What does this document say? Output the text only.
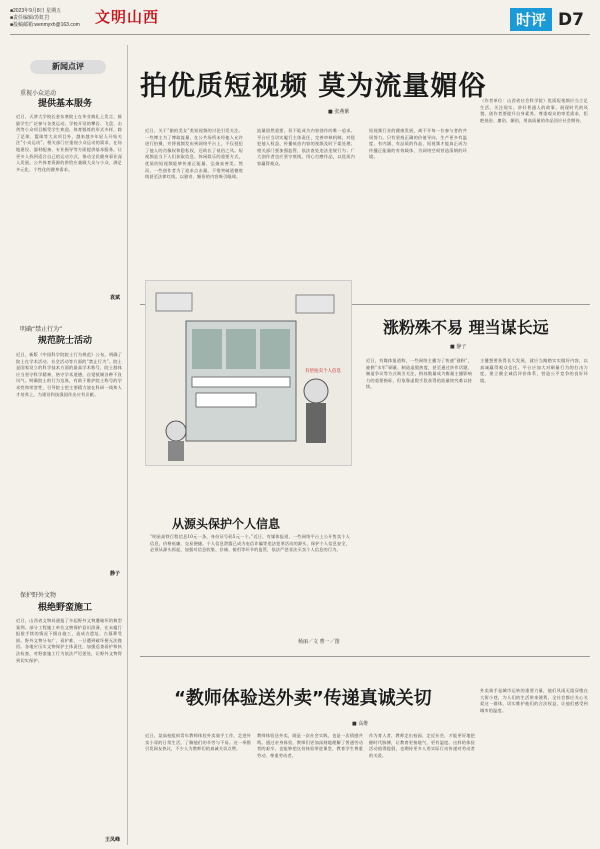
■2023年9月8日 星期五
■责任编辑/苏虹岩
■投稿邮箱:wenmyxh@163.com	文明山西	时评 D7
新闻点评
重视小众运动
提供基本服务
近日，天津大学校长金东寒院士在毕业典礼上发言，鼓励学生广泛参与各类运动。学校开设的攀岩、飞盘、击剑等小众项目颇受学生欢迎。体育锻炼的形式多样，除了足球、篮球等大众项目外，越来越多年轻人开始关注“小众运动”。相关部门应重视小众运动的需求，在场地建设、器材配备、专业指导等方面提供基本服务，让更多人找到适合自己的运动方式，推动全民健身事业深入发展。公共体育资源的供给应兼顾大众与小众，满足多元化、个性化的健身需求。
袁斌
明确“禁止行为”
规范院士活动
近日，新版《中国科学院院士行为规范》公布，明确了院士在学术活动、社会活动等方面的“禁止行为”。院士是国家设立的科学技术方面的最高学术称号，院士群体应当坚守科学精神，恪守学术道德，自觉抵制各种不良风气。明确院士的行为边界，有助于维护院士称号的学术性和荣誉性，引导院士把主要精力放在科研一线和人才培养上，为建设科技强国作出应有贡献。
静子
保护野外文物
根绝野蛮施工
近日，山西省文物局通报了多起野外文物遭破坏的典型案例。部分工程施工单位文物保护意识淡薄，在未履行报批手续的情况下擅自施工，造成古遗址、古墓葬受损。野外文物分布广、看护难，一旦遭到破坏便无法挽回。各地应压实文物保护主体责任，加强巡查看护和执法检查，对野蛮施工行为依法严厉惩处，让野外文物得到切实保护。
王凤峰
拍优质短视频 莫为流量媚俗
■ 张燕紫
近日，关于“偷拍美女”类短视频的讨论引发关注。一些博主为了博取流量，在公共场所未经他人允许进行拍摄，并将视频发布到网络平台上，不仅侵犯了他人的肖像权和隐私权，还助长了低俗之风。短视频是当下人们获取信息、休闲娱乐的重要方式，优质的短视频能够传递正能量、弘扬真善美。然而，一些创作者为了追求点击量，不惜突破道德底线甚至法律红线，以猎奇、媚俗的内容吸引眼球。
流量固然重要，但不能成为内容创作的唯一追求。平台应当切实履行主体责任，完善审核机制，对侵犯他人权益、传播低俗内容的视频及时下架处理；相关部门要加强监管，依法查处违法违规行为；广大创作者也应坚守底线，用心打磨作品，以优质内容赢得观众。
短视频行业的健康发展，离不开每一位参与者的共同努力。只有坚持正确的价值导向，生产更多有温度、有内涵、有品质的作品，短视频才能真正成为传播正能量的有效载体，为网络空间营造清朗的环境。
（作者单位：山西省社会科学院）优质短视频应当立足生活、关注现实，讲好普通人的故事，展现时代的风貌。创作者要提升自身素养，尊重观众的审美需求，拒绝低俗、庸俗、媚俗，用高质量的作品回应社会期待。
有偿拍卖个人信息
从源头保护个人信息
“明星高铁行程信息10元一条，身份证号码5元一个。”近日，有媒体报道，一些网络平台上公开售卖个人信息，价格低廉，交易便捷。个人信息泄露已成为电信诈骗等违法犯罪活动的源头，保护个人信息安全，必须从源头抓起，加强对信息收集、存储、使用等环节的监管，依法严惩非法买卖个人信息的行为。
杨丽／文 曹一／图
涨粉殊不易 理当谋长远
■ 静子
近日，有媒体报道称，一些网络主播为了快速“涨粉”，雇佣“水军”刷量、制造虚假热度，甚至通过炒作话题、制造争议等方式吸引关注。粉丝数量成为衡量主播影响力的重要指标，但依靠虚假手段获得的流量终究难以持续。
主播想要获得长久发展，就应当踏踏实实做好内容，以真诚赢得观众信任。平台应加大对刷量行为的打击力度，建立健全诚信评价体系，营造公平竞争的良好环境。
“教师体验送外卖”传递真诚关切
■ 高维
近日，某高校组织青年教师体验外卖骑手工作，走进外卖小哥的日常生活，了解他们的辛劳与不易。这一举措引发网友热议，不少人为教师们的真诚关切点赞。
教师体验送外卖，既是一次社会实践，也是一次情感共鸣。通过亲身体验，教师们更加深刻地理解了普通劳动者的艰辛，也能够把这份体验带进课堂，教育学生尊重劳动、尊重劳动者。
作为育人者，教师走出校园、走近社会，才能更好地把握时代脉搏，让教育更接地气、更有温度。这样的体验活动值得提倡，也期待更多人用实际行动传递对劳动者的关爱。
外卖骑手是城市运转的重要力量，他们风雨无阻穿梭在大街小巷，为人们的生活带来便利。全社会都应关心关爱这一群体，切实维护他们的合法权益，让他们感受到城市的温度。
